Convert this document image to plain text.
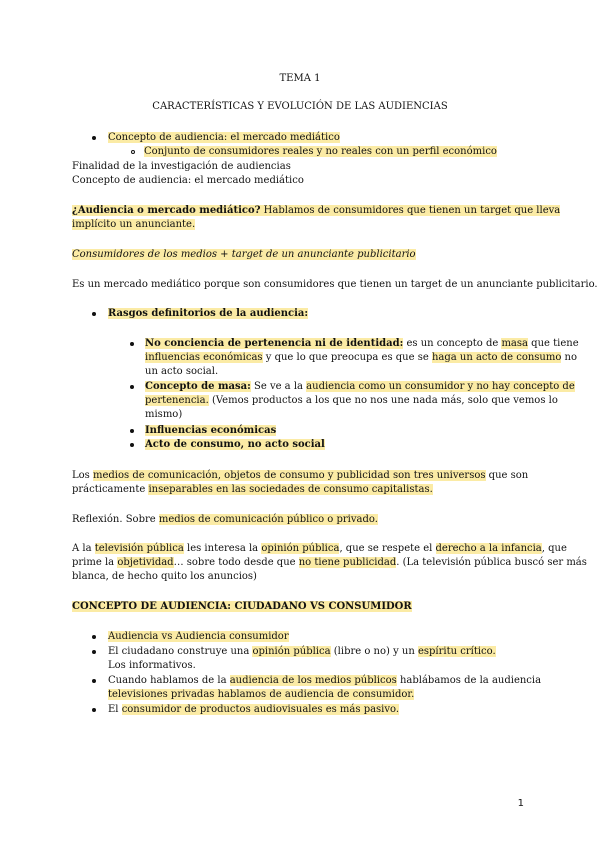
TEMA 1
CARACTERÍSTICAS Y EVOLUCIÓN DE LAS AUDIENCIAS
Concepto de audiencia: el mercado mediático
Conjunto de consumidores reales y no reales con un perfil económico
Finalidad de la investigación de audiencias
Concepto de audiencia: el mercado mediático
¿Audiencia o mercado mediático? Hablamos de consumidores que tienen un target que lleva
implícito un anunciante.
Consumidores de los medios + target de un anunciante publicitario
Es un mercado mediático porque son consumidores que tienen un target de un anunciante publicitario.
Rasgos definitorios de la audiencia:
No conciencia de pertenencia ni de identidad: es un concepto de masa que tiene
influencias económicas y que lo que preocupa es que se haga un acto de consumo no
un acto social.
Concepto de masa: Se ve a la audiencia como un consumidor y no hay concepto de
pertenencia. (Vemos productos a los que no nos une nada más, solo que vemos lo
mismo)
Influencias económicas
Acto de consumo, no acto social
Los medios de comunicación, objetos de consumo y publicidad son tres universos que son
prácticamente inseparables en las sociedades de consumo capitalistas.
Reflexión. Sobre medios de comunicación público o privado.
A la televisión pública les interesa la opinión pública, que se respete el derecho a la infancia, que
prime la objetividad… sobre todo desde que no tiene publicidad. (La televisión pública buscó ser más
blanca, de hecho quito los anuncios)
CONCEPTO DE AUDIENCIA: CIUDADANO VS CONSUMIDOR
Audiencia vs Audiencia consumidor
El ciudadano construye una opinión pública (libre o no) y un espíritu crítico.
Los informativos.
Cuando hablamos de la audiencia de los medios públicos hablábamos de la audiencia
televisiones privadas hablamos de audiencia de consumidor.
El consumidor de productos audiovisuales es más pasivo.
1
